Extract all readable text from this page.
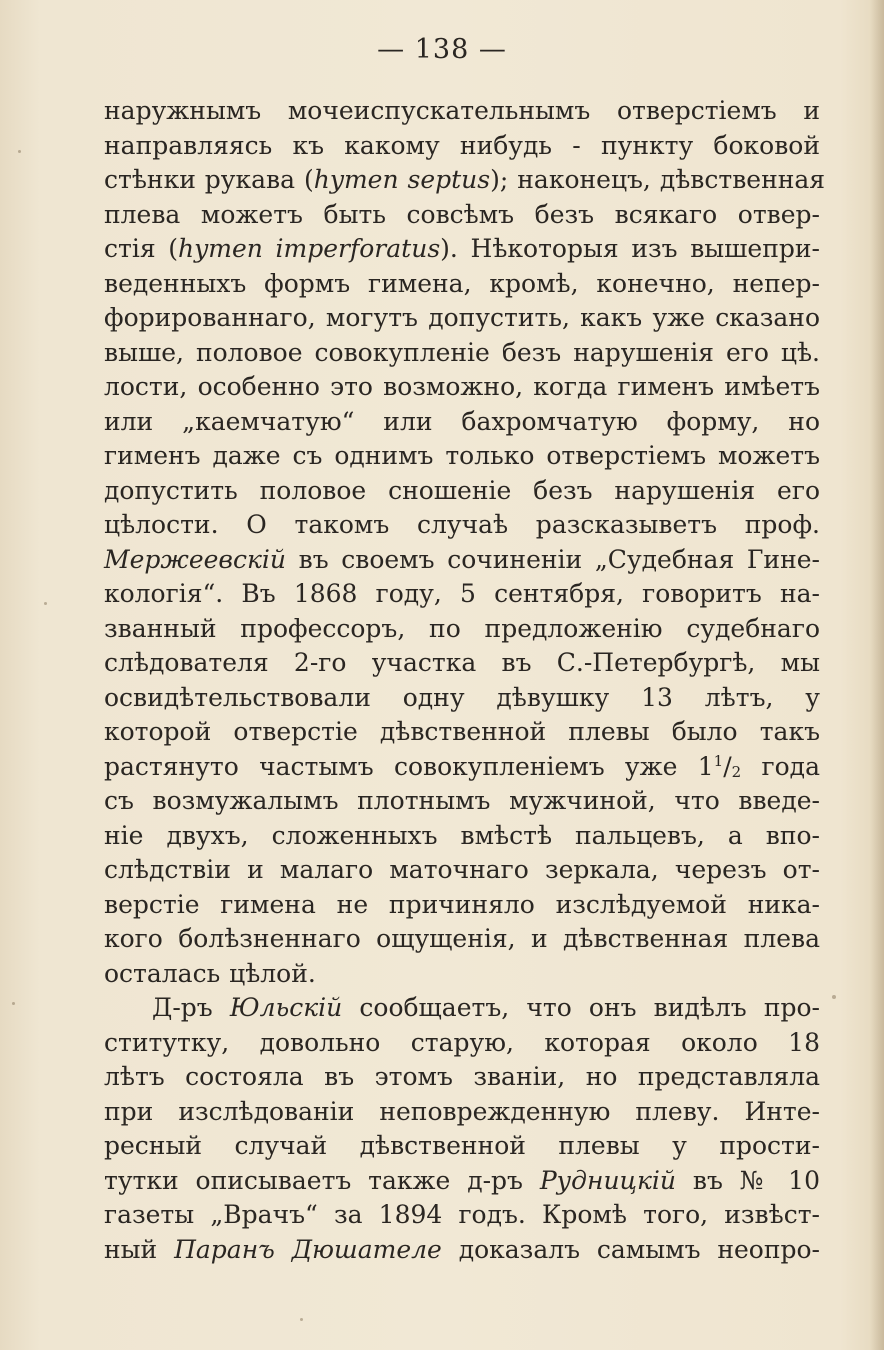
— 138 —
наружнымъ мочеиспускательнымъ отверстіемъ и
направляясь къ какому нибудь - пункту боковой
стѣнки рукава (hymen septus); наконецъ, дѣвственная
плева можетъ быть совсѣмъ безъ всякаго отвер-
стія (hymen imperforatus). Нѣкоторыя изъ вышепри-
веденныхъ формъ гимена, кромѣ, конечно, непер-
форированнаго, могутъ допустить, какъ уже сказано
выше, половое совокупленіе безъ нарушенія его цѣ.
лости, особенно это возможно, когда гименъ имѣетъ
или „каемчатую“ или бахромчатую форму, но
гименъ даже съ однимъ только отверстіемъ можетъ
допустить половое сношеніе безъ нарушенія его
цѣлости. О такомъ случаѣ разсказыветъ проф.
Мержеевскій въ своемъ сочиненіи „Судебная Гине-
кологія“. Въ 1868 году, 5 сентября, говоритъ на-
званный профессоръ, по предложенію судебнаго
слѣдователя 2-го участка въ С.-Петербургѣ, мы
освидѣтельствовали одну дѣвушку 13 лѣтъ, у
которой отверстіе дѣвственной плевы было такъ
растянуто частымъ совокупленіемъ уже $1^1/2$ года
съ возмужалымъ плотнымъ мужчиной, что введе-
ніе двухъ, сложенныхъ вмѣстѣ пальцевъ, а впо-
слѣдствіи и малаго маточнаго зеркала, черезъ от-
верстіе гимена не причиняло изслѣдуемой ника-
кого болѣзненнаго ощущенія, и дѣвственная плева
осталась цѣлой.
Д-ръ Юльскій сообщаетъ, что онъ видѣлъ про-
ститутку, довольно старую, которая около 18
лѣтъ состояла въ этомъ званіи, но представляла
при изслѣдованіи неповрежденную плеву. Инте-
ресный случай дѣвственной плевы у прости-
тутки описываетъ также д-ръ Рудницкій въ № 10
газеты „Врачъ“ за 1894 годъ. Кромѣ того, извѣст-
ный Паранъ Дюшателе доказалъ самымъ неопро-
